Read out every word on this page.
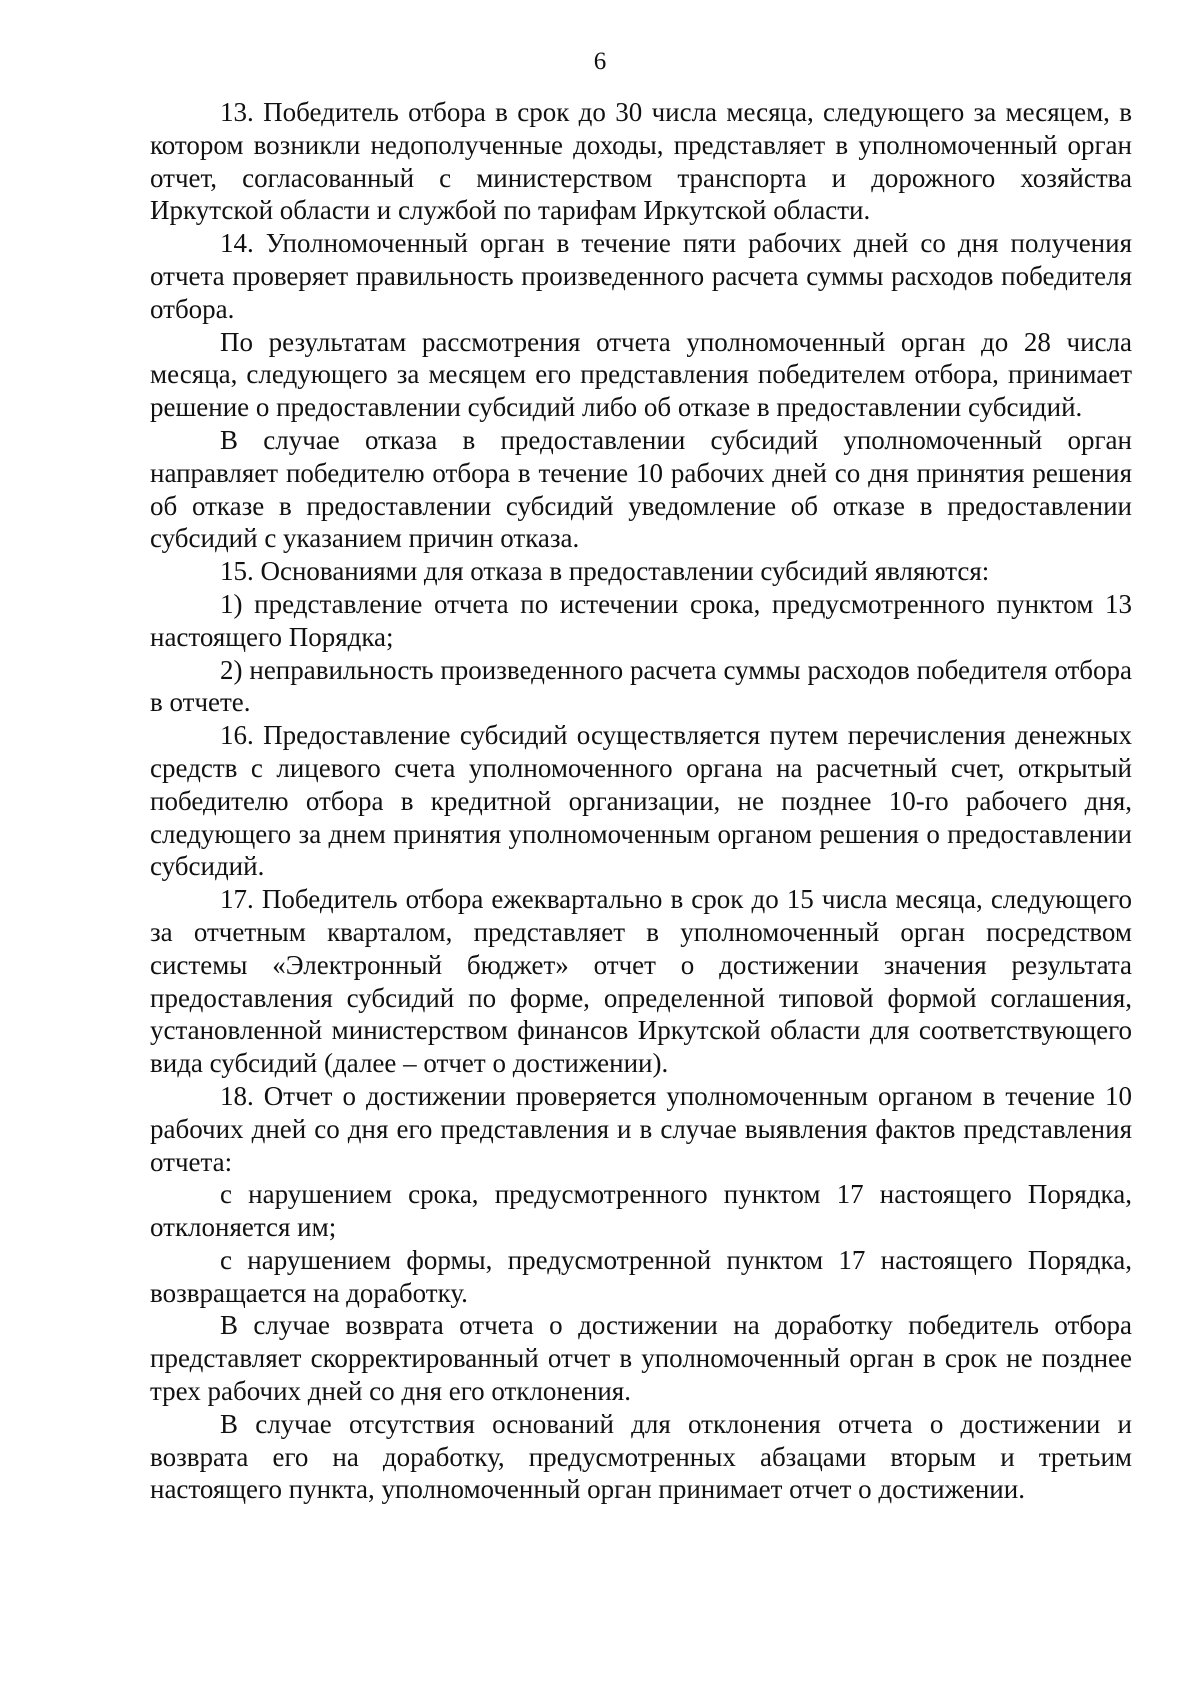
6

13. Победитель отбора в срок до 30 числа месяца, следующего за месяцем, в котором возникли недополученные доходы, представляет в уполномоченный орган отчет, согласованный с министерством транспорта и дорожного хозяйства Иркутской области и службой по тарифам Иркутской области.

14. Уполномоченный орган в течение пяти рабочих дней со дня получения отчета проверяет правильность произведенного расчета суммы расходов победителя отбора.

По результатам рассмотрения отчета уполномоченный орган до 28 числа месяца, следующего за месяцем его представления победителем отбора, принимает решение о предоставлении субсидий либо об отказе в предоставлении субсидий.

В случае отказа в предоставлении субсидий уполномоченный орган направляет победителю отбора в течение 10 рабочих дней со дня принятия решения об отказе в предоставлении субсидий уведомление об отказе в предоставлении субсидий с указанием причин отказа.

15. Основаниями для отказа в предоставлении субсидий являются:

1) представление отчета по истечении срока, предусмотренного пунктом 13 настоящего Порядка;

2) неправильность произведенного расчета суммы расходов победителя отбора в отчете.

16. Предоставление субсидий осуществляется путем перечисления денежных средств с лицевого счета уполномоченного органа на расчетный счет, открытый победителю отбора в кредитной организации, не позднее 10-го рабочего дня, следующего за днем принятия уполномоченным органом решения о предоставлении субсидий.

17. Победитель отбора ежеквартально в срок до 15 числа месяца, следующего за отчетным кварталом, представляет в уполномоченный орган посредством системы «Электронный бюджет» отчет о достижении значения результата предоставления субсидий по форме, определенной типовой формой соглашения, установленной министерством финансов Иркутской области для соответствующего вида субсидий (далее – отчет о достижении).

18. Отчет о достижении проверяется уполномоченным органом в течение 10 рабочих дней со дня его представления и в случае выявления фактов представления отчета:

с нарушением срока, предусмотренного пунктом 17 настоящего Порядка, отклоняется им;

с нарушением формы, предусмотренной пунктом 17 настоящего Порядка, возвращается на доработку.

В случае возврата отчета о достижении на доработку победитель отбора представляет скорректированный отчет в уполномоченный орган в срок не позднее трех рабочих дней со дня его отклонения.

В случае отсутствия оснований для отклонения отчета о достижении и возврата его на доработку, предусмотренных абзацами вторым и третьим настоящего пункта, уполномоченный орган принимает отчет о достижении.
